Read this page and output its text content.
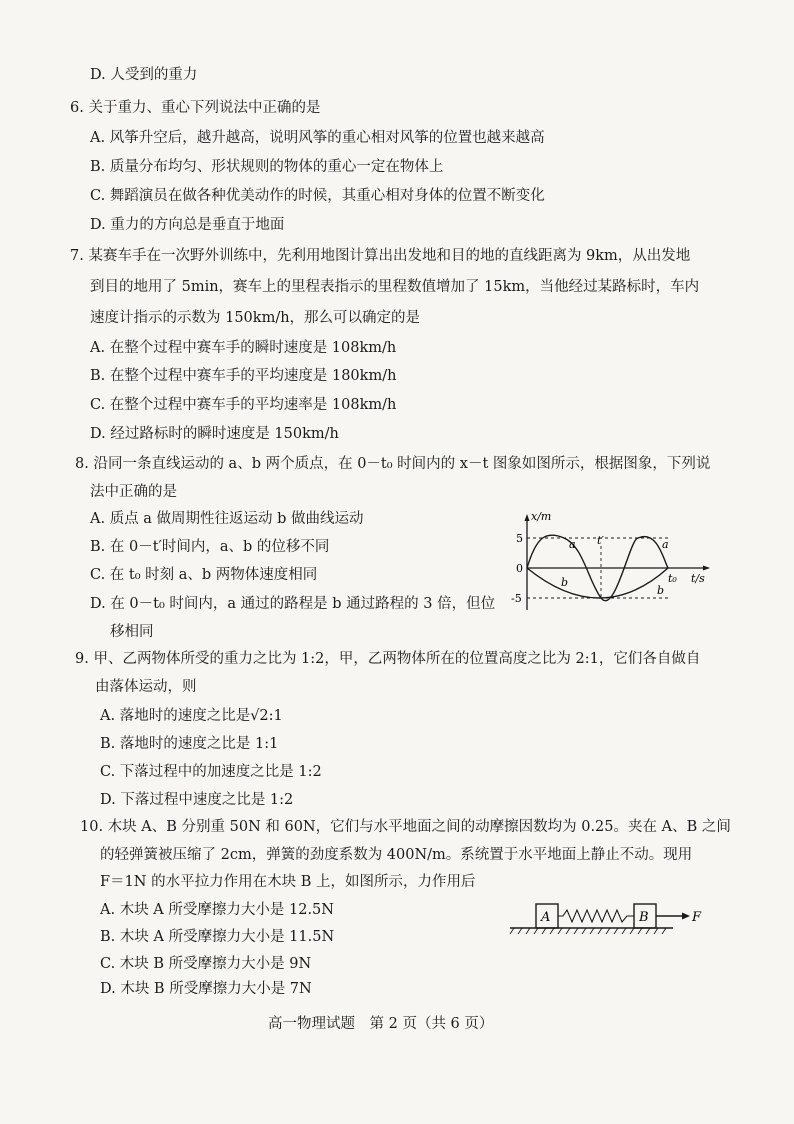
D. 人受到的重力
6. 关于重力、重心下列说法中正确的是
A. 风筝升空后，越升越高，说明风筝的重心相对风筝的位置也越来越高
B. 质量分布均匀、形状规则的物体的重心一定在物体上
C. 舞蹈演员在做各种优美动作的时候，其重心相对身体的位置不断变化
D. 重力的方向总是垂直于地面
7. 某赛车手在一次野外训练中，先利用地图计算出出发地和目的地的直线距离为 9km，从出发地
到目的地用了 5min，赛车上的里程表指示的里程数值增加了 15km，当他经过某路标时，车内
速度计指示的示数为 150km/h，那么可以确定的是
A. 在整个过程中赛车手的瞬时速度是 108km/h
B. 在整个过程中赛车手的平均速度是 180km/h
C. 在整个过程中赛车手的平均速率是 108km/h
D. 经过路标时的瞬时速度是 150km/h
8. 沿同一条直线运动的 a、b 两个质点，在 0－t₀ 时间内的 x－t 图象如图所示，根据图象，下列说
法中正确的是
A. 质点 a 做周期性往返运动 b 做曲线运动
B. 在 0－t′时间内，a、b 的位移不同
C. 在 t₀ 时刻 a、b 两物体速度相同
D. 在 0－t₀ 时间内，a 通过的路程是 b 通过路程的 3 倍，但位
移相同
x/m
t/s
5
0
-5
t′
t₀
a	a
b
b
9. 甲、乙两物体所受的重力之比为 1:2，甲，乙两物体所在的位置高度之比为 2:1，它们各自做自
由落体运动，则
A. 落地时的速度之比是√2:1
B. 落地时的速度之比是 1:1
C. 下落过程中的加速度之比是 1:2
D. 下落过程中速度之比是 1:2
10. 木块 A、B 分别重 50N 和 60N，它们与水平地面之间的动摩擦因数均为 0.25。夹在 A、B 之间
的轻弹簧被压缩了 2cm，弹簧的劲度系数为 400N/m。系统置于水平地面上静止不动。现用
F＝1N 的水平拉力作用在木块 B 上，如图所示，力作用后
A. 木块 A 所受摩擦力大小是 12.5N
B. 木块 A 所受摩擦力大小是 11.5N
C. 木块 B 所受摩擦力大小是 9N
D. 木块 B 所受摩擦力大小是 7N
A	B	F
高一物理试题　第 2 页（共 6 页）
